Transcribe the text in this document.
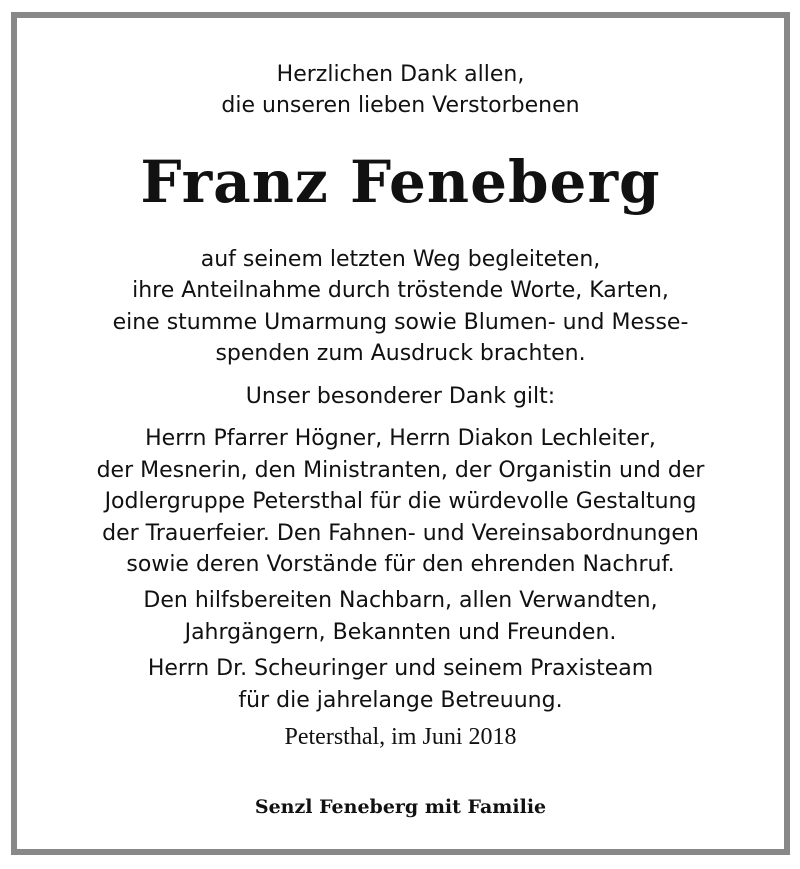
Herzlichen Dank allen,
die unseren lieben Verstorbenen
Franz Feneberg
auf seinem letzten Weg begleiteten,
ihre Anteilnahme durch tröstende Worte, Karten,
eine stumme Umarmung sowie Blumen- und Messe-
spenden zum Ausdruck brachten.
Unser besonderer Dank gilt:
Herrn Pfarrer Högner, Herrn Diakon Lechleiter,
der Mesnerin, den Ministranten, der Organistin und der
Jodlergruppe Petersthal für die würdevolle Gestaltung
der Trauerfeier. Den Fahnen- und Vereinsabordnungen
sowie deren Vorstände für den ehrenden Nachruf.
Den hilfsbereiten Nachbarn, allen Verwandten,
Jahrgängern, Bekannten und Freunden.
Herrn Dr. Scheuringer und seinem Praxisteam
für die jahrelange Betreuung.
Petersthal, im Juni 2018
Senzl Feneberg mit Familie
